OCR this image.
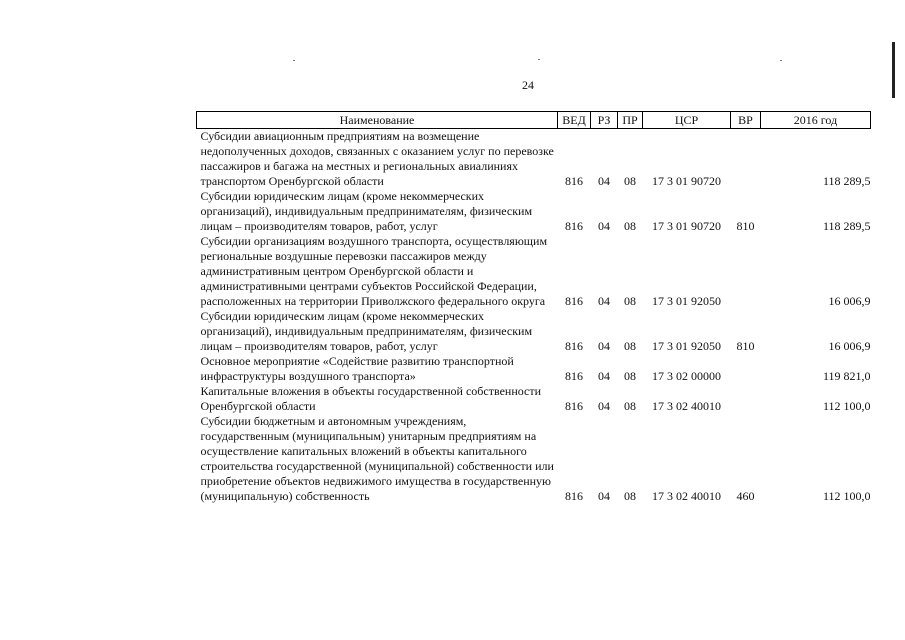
24
Наименование	ВЕД	РЗ	ПР	ЦСР	ВР	2016 год
Субсидии авиационным предприятиям на возмещение недополученных доходов, связанных с оказанием услуг по перевозке пассажиров и багажа на местных и региональных авиалиниях транспортом Оренбургской области	816	04	08	17 3 01 90720		118 289,5
Субсидии юридическим лицам (кроме некоммерческих организаций), индивидуальным предпринимателям, физическим лицам – производителям товаров, работ, услуг	816	04	08	17 3 01 90720	810	118 289,5
Субсидии организациям воздушного транспорта, осуществляющим региональные воздушные перевозки пассажиров между административным центром Оренбургской области и административными центрами субъектов Российской Федерации, расположенных на территории Приволжского федерального округа	816	04	08	17 3 01 92050		16 006,9
Субсидии юридическим лицам (кроме некоммерческих организаций), индивидуальным предпринимателям, физическим лицам – производителям товаров, работ, услуг	816	04	08	17 3 01 92050	810	16 006,9
Основное мероприятие «Содействие развитию транспортной инфраструктуры воздушного транспорта»	816	04	08	17 3 02 00000		119 821,0
Капитальные вложения в объекты государственной собственности Оренбургской области	816	04	08	17 3 02 40010		112 100,0
Субсидии бюджетным и автономным учреждениям, государственным (муниципальным) унитарным предприятиям на осуществление капитальных вложений в объекты капитального строительства государственной (муниципальной) собственности или приобретение объектов недвижимого имущества в государственную (муниципальную) собственность	816	04	08	17 3 02 40010	460	112 100,0
